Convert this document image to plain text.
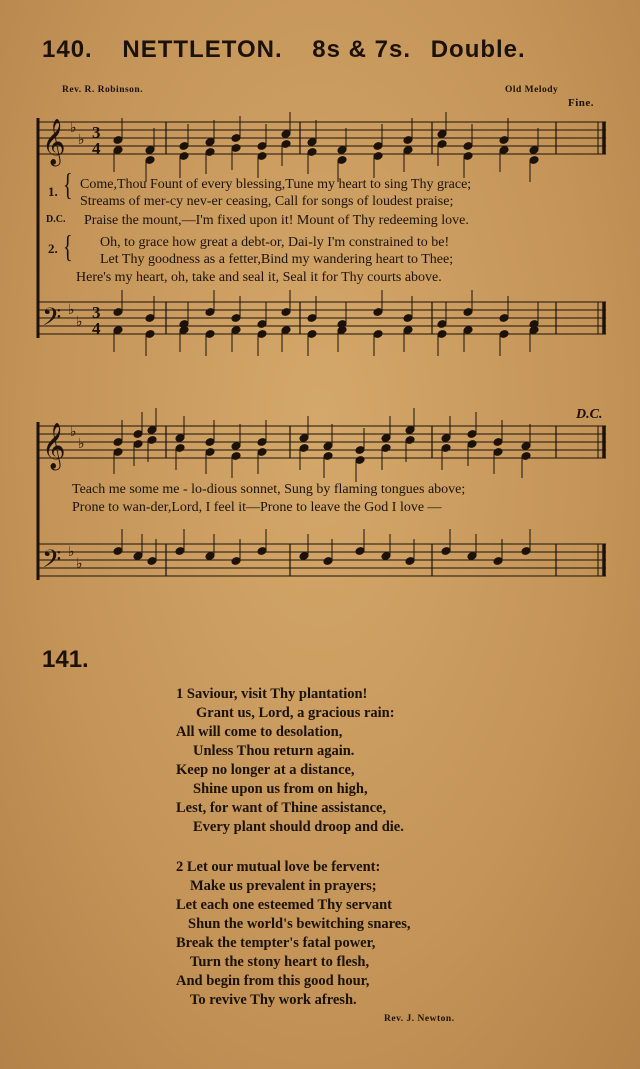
140. NETTLETON. 8s & 7s. Double.
Rev. R. Robinson.	Old Melody
Fine.
𝄞
𝄞
𝄢
𝄢
♭
♭
♭
♭
♭
♭
♭
♭
3
4
3
4
D.C.
1. {
D.C.
2. {
Come,Thou Fount of every blessing,Tune my heart to sing Thy grace;
Streams of mer-cy nev-er ceasing, Call for songs of loudest praise;
Praise the mount,—I'm fixed upon it! Mount of Thy redeeming love.
Oh, to grace how great a debt-or, Dai-ly I'm constrained to be!
Let Thy goodness as a fetter,Bind my wandering heart to Thee;
Here's my heart, oh, take and seal it, Seal it for Thy courts above.
Teach me some me - lo-dious sonnet, Sung by flaming tongues above;
Prone to wan-der,Lord, I feel it—Prone to leave the God I love —
141.
1 Saviour, visit Thy plantation!
Grant us, Lord, a gracious rain:
All will come to desolation,
Unless Thou return again.
Keep no longer at a distance,
Shine upon us from on high,
Lest, for want of Thine assistance,
Every plant should droop and die.
2 Let our mutual love be fervent:
Make us prevalent in prayers;
Let each one esteemed Thy servant
Shun the world's bewitching snares,
Break the tempter's fatal power,
Turn the stony heart to flesh,
And begin from this good hour,
To revive Thy work afresh.
Rev. J. Newton.
